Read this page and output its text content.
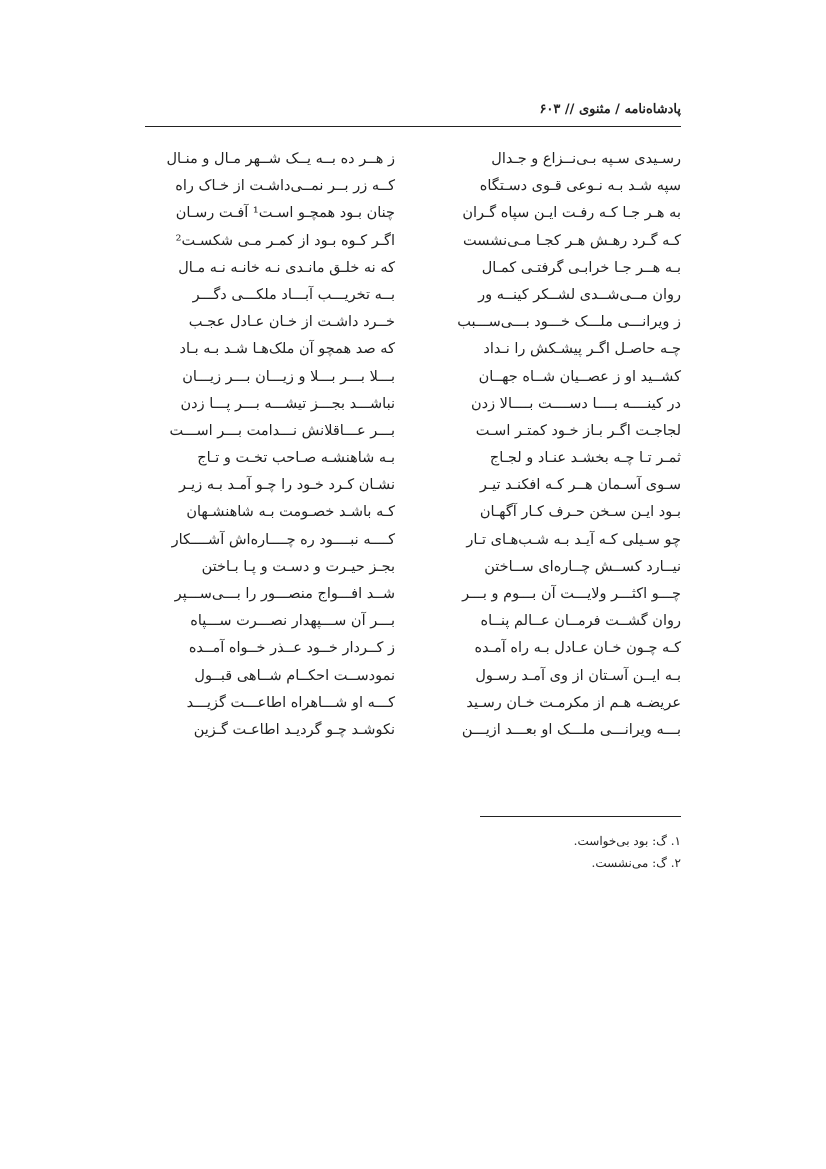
پادشاه‌نامه / مثنوی // ۶۰۳
رسـیدی سـپه بـی‌نــزاع و جـدال
سپه شـد بـه نـوعی قـوی دسـتگاه
به هـر جـا کـه رفـت ایـن سپاه گـران
کـه گـرد رهـش هـر کجـا مـی‌نشست
بـه هــر جـا خرابـی گرفتـی کمـال
روان مــی‌شــدی لشــکر کینــه ور
ز ویرانـــی ملـــک خـــود بـــی‌ســـبب
چـه حاصـل اگـر پیشـکش را نـداد
کشــید او ز عصــیان شــاه جهــان
در کینــــه بــــا دســــت بــــالا زدن
لجاجـت اگـر بـاز خـود کمتـر اسـت
ثمـر تـا چـه بخشـد عنـاد و لجـاج
سـوی آسـمان هــر کـه افکنـد تیـر
بـود ایـن سـخن حـرف کـار آگهـان
چو سـیلی کـه آیـد بـه شـب‌هـای تـار
نیــارد کســش چــاره‌ای ســاختن
چـــو اکثـــر ولایـــت آن بـــوم و بـــر
روان گشــت فرمــان عــالم پنــاه
کـه چـون خـان عـادل بـه راه آمـده
بـه ایــن آسـتان از وی آمـد رسـول
عریضـه هـم از مکرمـت خـان رسـید
بـــه ویرانـــی ملـــک او بعـــد ازیـــن
ز هــر ده بــه یــک شــهر مـال و منـال
کــه زر بــر نمــی‌داشـت از خـاک راه
چنان بـود همچـو اسـت¹ آفـت رسـان
اگـر کـوه بـود از کمـر مـی شکسـت²
که نه خلـق مانـدی نـه خانـه نـه مـال
بــه تخریـــب آبـــاد ملکـــی دگـــر
خــرد داشـت از خـان عـادل عجـب
که صد همچو آن ملک‌هـا شـد بـه بـاد
بـــلا بـــر بـــلا و زیـــان بـــر زیـــان
نباشـــد بجـــز تیشـــه بـــر پـــا زدن
بـــر عـــاقلانش نـــدامت بـــر اســـت
بـه شاهنشـه صـاحب تخـت و تـاج
نشـان کـرد خـود را چـو آمـد بـه زیـر
کـه باشـد خصـومت بـه شاهنشـهان
کــــه نبــــود ره چــــاره‌اش آشــــکار
بجـز حیـرت و دسـت و پـا بـاختن
شــد افـــواج منصـــور را بـــی‌ســـپر
بـــر آن ســـپهدار نصـــرت ســـپاه
ز کــردار خــود عــذر خــواه آمــده
نمودســت احکــام شــاهی قبــول
کـــه او شـــاهراه اطاعـــت گزیـــد
نکوشـد چـو گردیـد اطاعـت گـزین
۱. گ: بود بی‌خواست.
۲. گ: می‌نشست.
